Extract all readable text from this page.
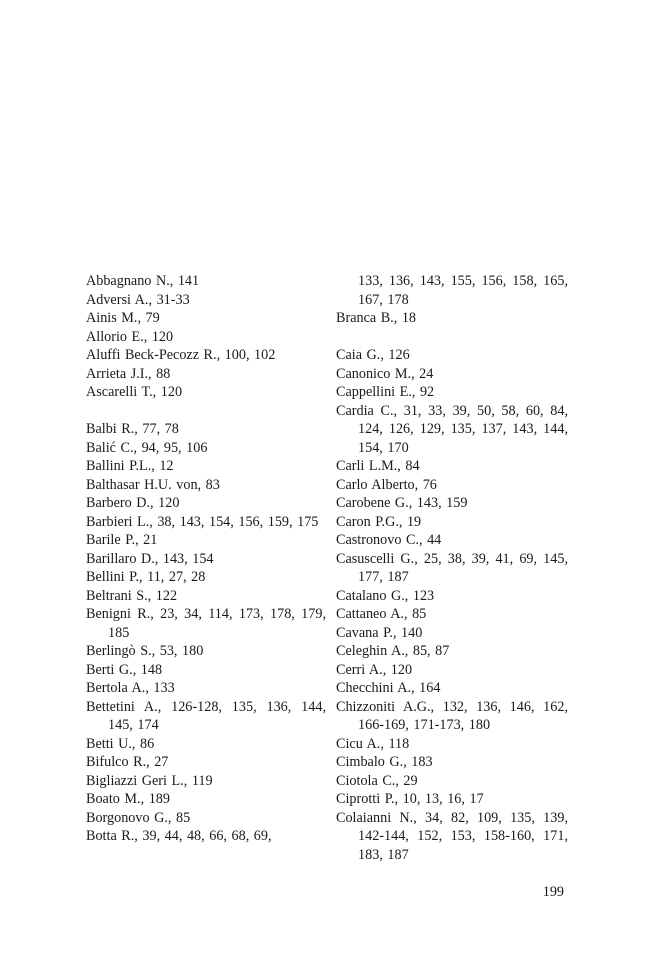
Abbagnano N., 141

Adversi A., 31-33

Ainis M., 79

Allorio E., 120

Aluffi Beck-Pecozz R., 100, 102

Arrieta J.I., 88

Ascarelli T., 120

Balbi R., 77, 78

Balić C., 94, 95, 106

Ballini P.L., 12

Balthasar H.U. von, 83

Barbero D., 120

Barbieri L., 38, 143, 154, 156, 159, 175

Barile P., 21

Barillaro D., 143, 154

Bellini P., 11, 27, 28

Beltrani S., 122

Benigni R., 23, 34, 114, 173, 178, 179, 185

Berlingò S., 53, 180

Berti G., 148

Bertola A., 133

Bettetini A., 126-128, 135, 136, 144, 145, 174

Betti U., 86

Bifulco R., 27

Bigliazzi Geri L., 119

Boato M., 189

Borgonovo G., 85

Botta R., 39, 44, 48, 66, 68, 69,

133, 136, 143, 155, 156, 158, 165, 167, 178

Branca B., 18

Caia G., 126

Canonico M., 24

Cappellini E., 92

Cardia C., 31, 33, 39, 50, 58, 60, 84, 124, 126, 129, 135, 137, 143, 144, 154, 170

Carli L.M., 84

Carlo Alberto, 76

Carobene G., 143, 159

Caron P.G., 19

Castronovo C., 44

Casuscelli G., 25, 38, 39, 41, 69, 145, 177, 187

Catalano G., 123

Cattaneo A., 85

Cavana P., 140

Celeghin A., 85, 87

Cerri A., 120

Checchini A., 164

Chizzoniti A.G., 132, 136, 146, 162, 166-169, 171-173, 180

Cicu A., 118

Cimbalo G., 183

Ciotola C., 29

Ciprotti P., 10, 13, 16, 17

Colaianni N., 34, 82, 109, 135, 139, 142-144, 152, 153, 158-160, 171, 183, 187

199
